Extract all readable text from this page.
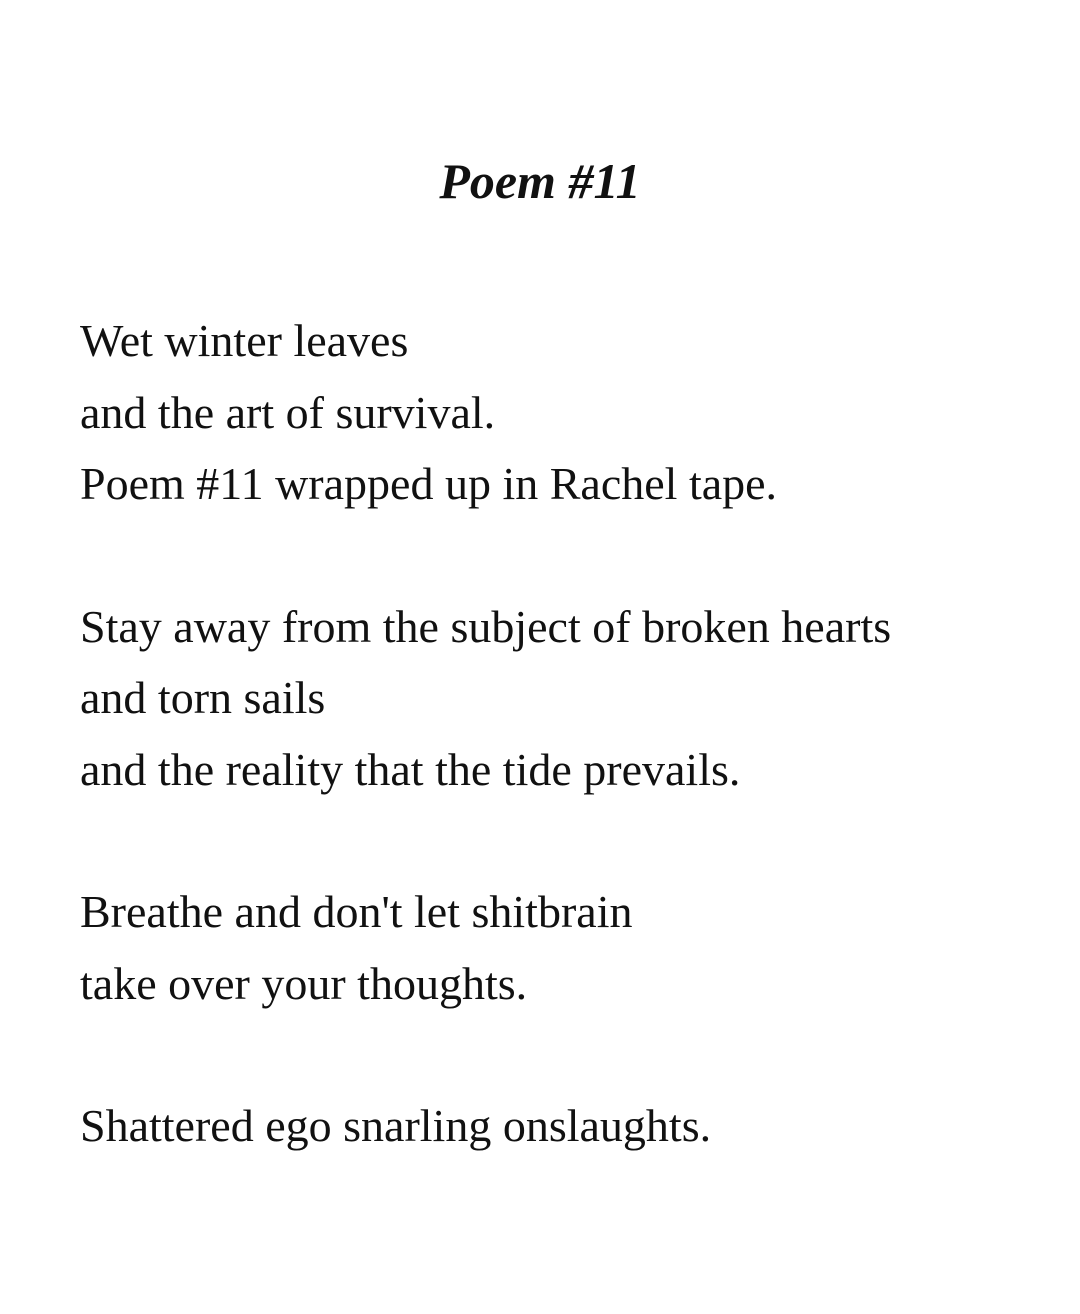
Poem #11
Wet winter leaves
and the art of survival.
Poem #11 wrapped up in Rachel tape.
Stay away from the subject of broken hearts
and torn sails
and the reality that the tide prevails.
Breathe and don't let shitbrain
take over your thoughts.
Shattered ego snarling onslaughts.
